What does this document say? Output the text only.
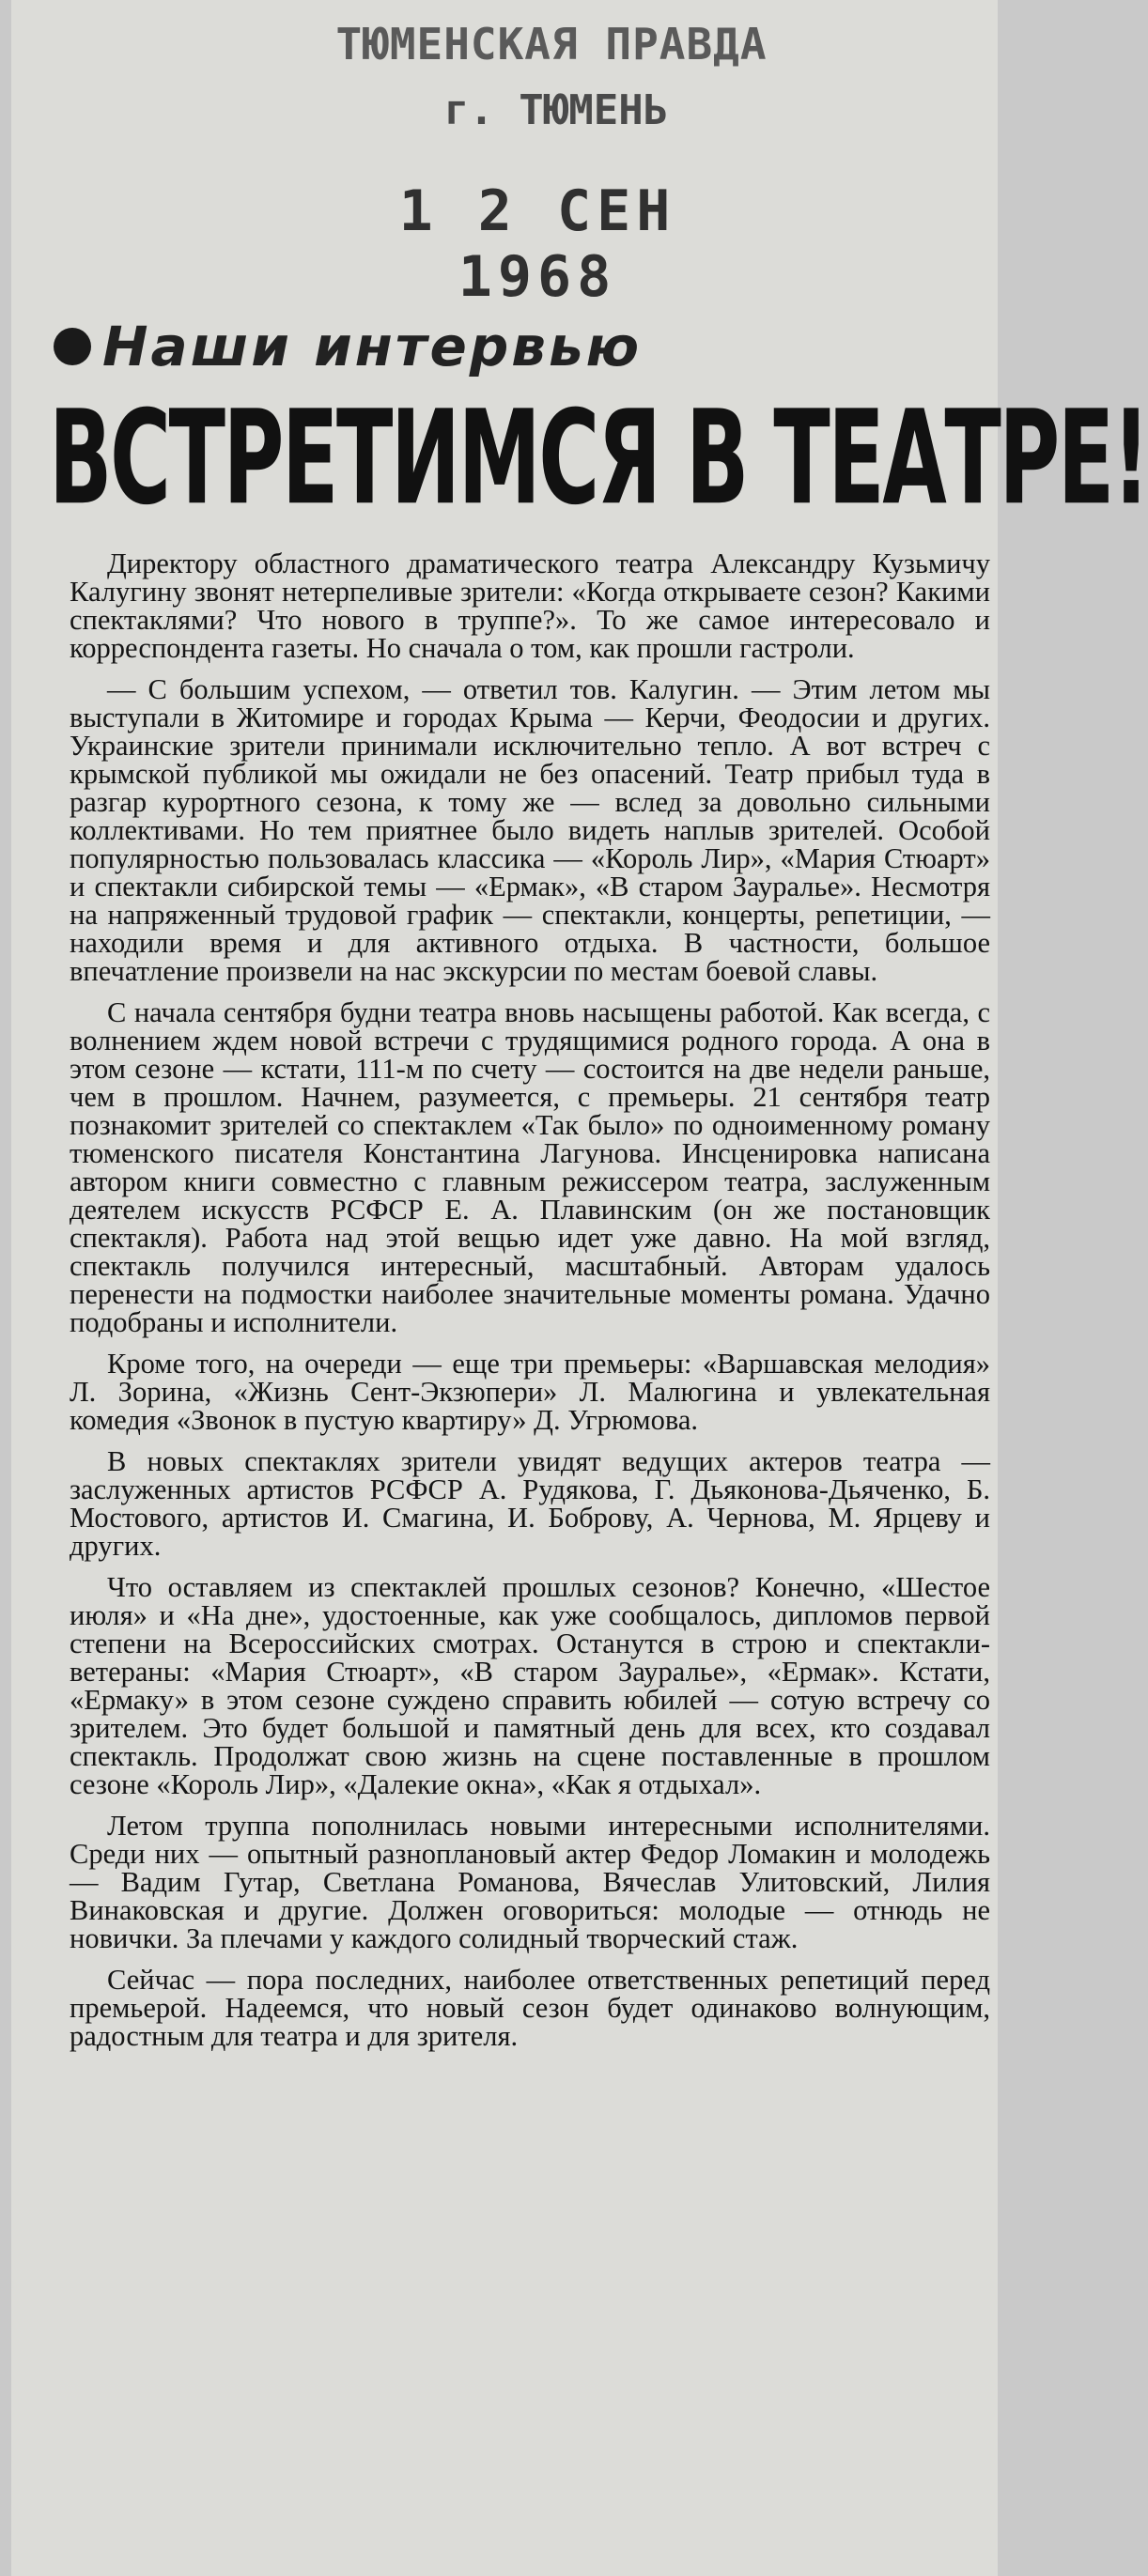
ТЮМЕНСКАЯ ПРАВДА
г. ТЮМЕНЬ
1 2 СЕН 1968
Наши интервью
ВСТРЕТИМСЯ В ТЕАТРЕ!

Директору областного драматического театра Александру Кузьмичу Калугину звонят нетерпеливые зрители: «Когда открываете сезон? Какими спектаклями? Что нового в труппе?». То же самое интересовало и корреспондента газеты. Но сначала о том, как прошли гастроли.

— С большим успехом, — ответил тов. Калугин. — Этим летом мы выступали в Житомире и городах Крыма — Керчи, Феодосии и других. Украинские зрители принимали исключительно тепло. А вот встреч с крымской публикой мы ожидали не без опасений. Театр прибыл туда в разгар курортного сезона, к тому же — вслед за довольно сильными коллективами. Но тем приятнее было видеть наплыв зрителей. Особой популярностью пользовалась классика — «Король Лир», «Мария Стюарт» и спектакли сибирской темы — «Ермак», «В старом Зауралье». Несмотря на напряженный трудовой график — спектакли, концерты, репетиции, — находили время и для активного отдыха. В частности, большое впечатление произвели на нас экскурсии по местам боевой славы.

С начала сентября будни театра вновь насыщены работой. Как всегда, с волнением ждем новой встречи с трудящимися родного города. А она в этом сезоне — кстати, 111-м по счету — состоится на две недели раньше, чем в прошлом. Начнем, разумеется, с премьеры. 21 сентября театр познакомит зрителей со спектаклем «Так было» по одноименному роману тюменского писателя Константина Лагунова. Инсценировка написана автором книги совместно с главным режиссером театра, заслуженным деятелем искусств РСФСР Е. А. Плавинским (он же постановщик спектакля). Работа над этой вещью идет уже давно. На мой взгляд, спектакль получился интересный, масштабный. Авторам удалось перенести на подмостки наиболее значительные моменты романа. Удачно подобраны и исполнители.

Кроме того, на очереди — еще три премьеры: «Варшавская мелодия» Л. Зорина, «Жизнь Сент-Экзюпери» Л. Малюгина и увлекательная комедия «Звонок в пустую квартиру» Д. Угрюмова.

В новых спектаклях зрители увидят ведущих актеров театра — заслуженных артистов РСФСР А. Рудякова, Г. Дьяконова-Дьяченко, Б. Мостового, артистов И. Смагина, И. Боброву, А. Чернова, М. Ярцеву и других.

Что оставляем из спектаклей прошлых сезонов? Конечно, «Шестое июля» и «На дне», удостоенные, как уже сообщалось, дипломов первой степени на Всероссийских смотрах. Останутся в строю и спектакли-ветераны: «Мария Стюарт», «В старом Зауралье», «Ермак». Кстати, «Ермаку» в этом сезоне суждено справить юбилей — сотую встречу со зрителем. Это будет большой и памятный день для всех, кто создавал спектакль. Продолжат свою жизнь на сцене поставленные в прошлом сезоне «Король Лир», «Далекие окна», «Как я отдыхал».

Летом труппа пополнилась новыми интересными исполнителями. Среди них — опытный разноплановый актер Федор Ломакин и молодежь — Вадим Гутар, Светлана Романова, Вячеслав Улитовский, Лилия Винаковская и другие. Должен оговориться: молодые — отнюдь не новички. За плечами у каждого солидный творческий стаж.

Сейчас — пора последних, наиболее ответственных репетиций перед премьерой. Надеемся, что новый сезон будет одинаково волнующим, радостным для театра и для зрителя.
